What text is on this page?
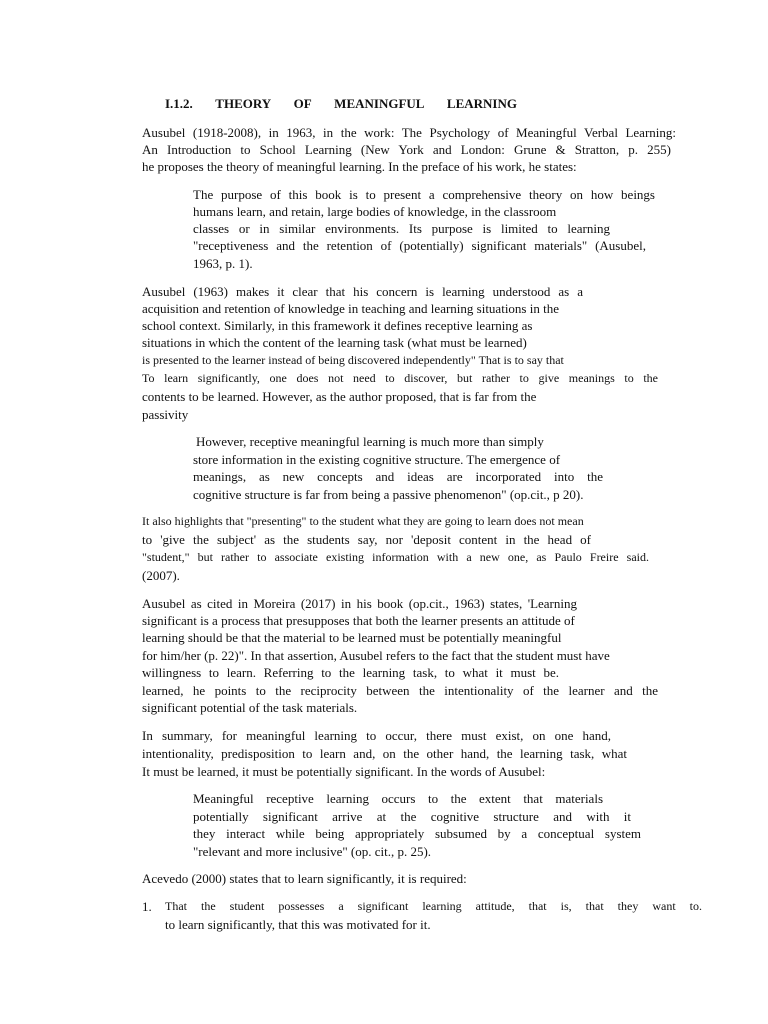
I.1.2. THEORY OF MEANINGFUL LEARNING
Ausubel (1918-2008), in 1963, in the work: The Psychology of Meaningful Verbal Learning:
An Introduction to School Learning (New York and London: Grune & Stratton, p. 255)
he proposes the theory of meaningful learning. In the preface of his work, he states:
The purpose of this book is to present a comprehensive theory on how beings
humans learn, and retain, large bodies of knowledge, in the classroom
classes or in similar environments. Its purpose is limited to learning
"receptiveness and the retention of (potentially) significant materials" (Ausubel,
1963, p. 1).
Ausubel (1963) makes it clear that his concern is learning understood as a
acquisition and retention of knowledge in teaching and learning situations in the
school context. Similarly, in this framework it defines receptive learning as
situations in which the content of the learning task (what must be learned)
is presented to the learner instead of being discovered independently" That is to say that
To learn significantly, one does not need to discover, but rather to give meanings to the
contents to be learned. However, as the author proposed, that is far from the
passivity
However, receptive meaningful learning is much more than simply
store information in the existing cognitive structure. The emergence of
meanings, as new concepts and ideas are incorporated into the
cognitive structure is far from being a passive phenomenon" (op.cit., p 20).
It also highlights that "presenting" to the student what they are going to learn does not mean
to 'give the subject' as the students say, nor 'deposit content in the head of
"student," but rather to associate existing information with a new one, as Paulo Freire said.
(2007).
Ausubel as cited in Moreira (2017) in his book (op.cit., 1963) states, 'Learning
significant is a process that presupposes that both the learner presents an attitude of
learning should be that the material to be learned must be potentially meaningful
for him/her (p. 22)". In that assertion, Ausubel refers to the fact that the student must have
willingness to learn. Referring to the learning task, to what it must be.
learned, he points to the reciprocity between the intentionality of the learner and the
significant potential of the task materials.
In summary, for meaningful learning to occur, there must exist, on one hand,
intentionality, predisposition to learn and, on the other hand, the learning task, what
It must be learned, it must be potentially significant. In the words of Ausubel:
Meaningful receptive learning occurs to the extent that materials
potentially significant arrive at the cognitive structure and with it
they interact while being appropriately subsumed by a conceptual system
"relevant and more inclusive" (op. cit., p. 25).
Acevedo (2000) states that to learn significantly, it is required:
1.	That the student possesses a significant learning attitude, that is, that they want to.
to learn significantly, that this was motivated for it.
